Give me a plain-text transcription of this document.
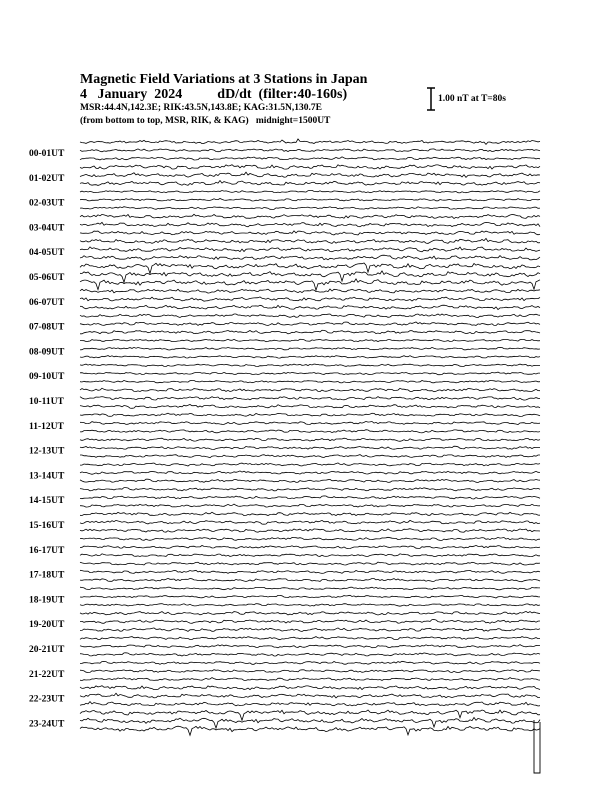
Magnetic Field Variations at 3 Stations in Japan
4   January  2024          dD/dt  (filter:40-160s)
MSR:44.4N,142.3E; RIK:43.5N,143.8E; KAG:31.5N,130.7E
(from bottom to top, MSR, RIK, & KAG)   midnight=1500UT
1.00 nT at T=80s
00-01UT
01-02UT
02-03UT
03-04UT
04-05UT
05-06UT
06-07UT
07-08UT
08-09UT
09-10UT
10-11UT
11-12UT
12-13UT
13-14UT
14-15UT
15-16UT
16-17UT
17-18UT
18-19UT
19-20UT
20-21UT
21-22UT
22-23UT
23-24UT
